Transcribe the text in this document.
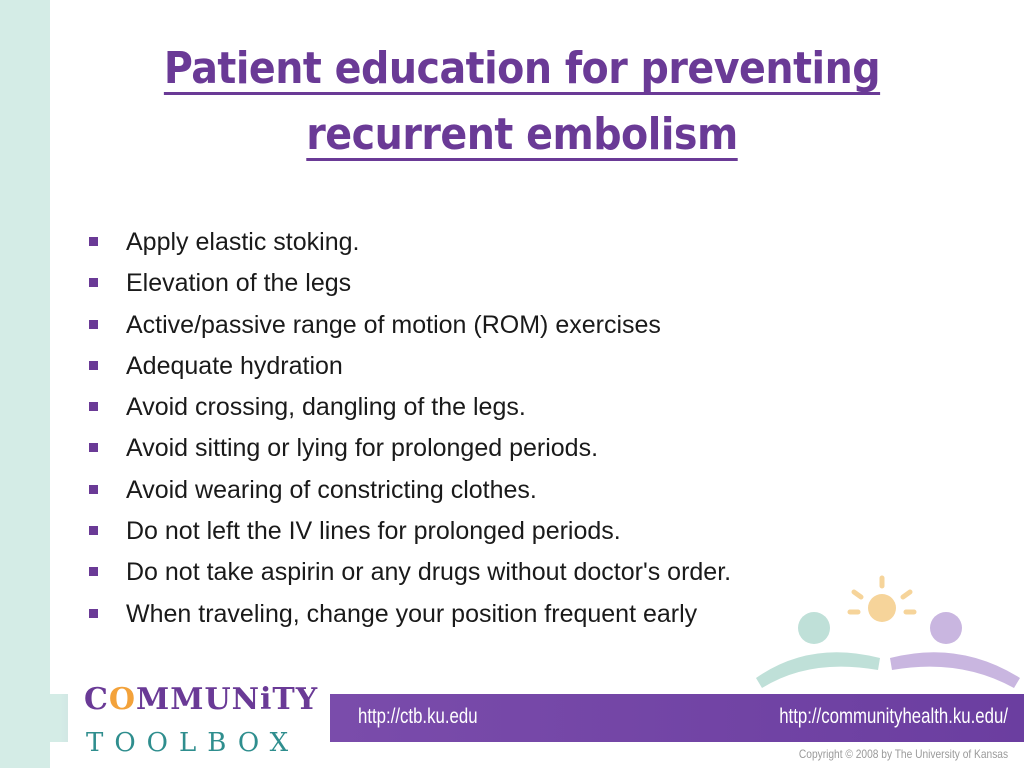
Patient education for preventing recurrent embolism
Apply elastic stoking.
Elevation of the legs
Active/passive range of motion (ROM) exercises
Adequate hydration
Avoid crossing, dangling of the legs.
Avoid sitting or lying for prolonged periods.
Avoid wearing of constricting clothes.
Do not left the IV lines for prolonged periods.
Do not take aspirin or any drugs without doctor's order.
When traveling, change your position frequent early
COMMUNiTY
TOOLBOX
http://ctb.ku.edu	http://communityhealth.ku.edu/
Copyright © 2008 by The University of Kansas
